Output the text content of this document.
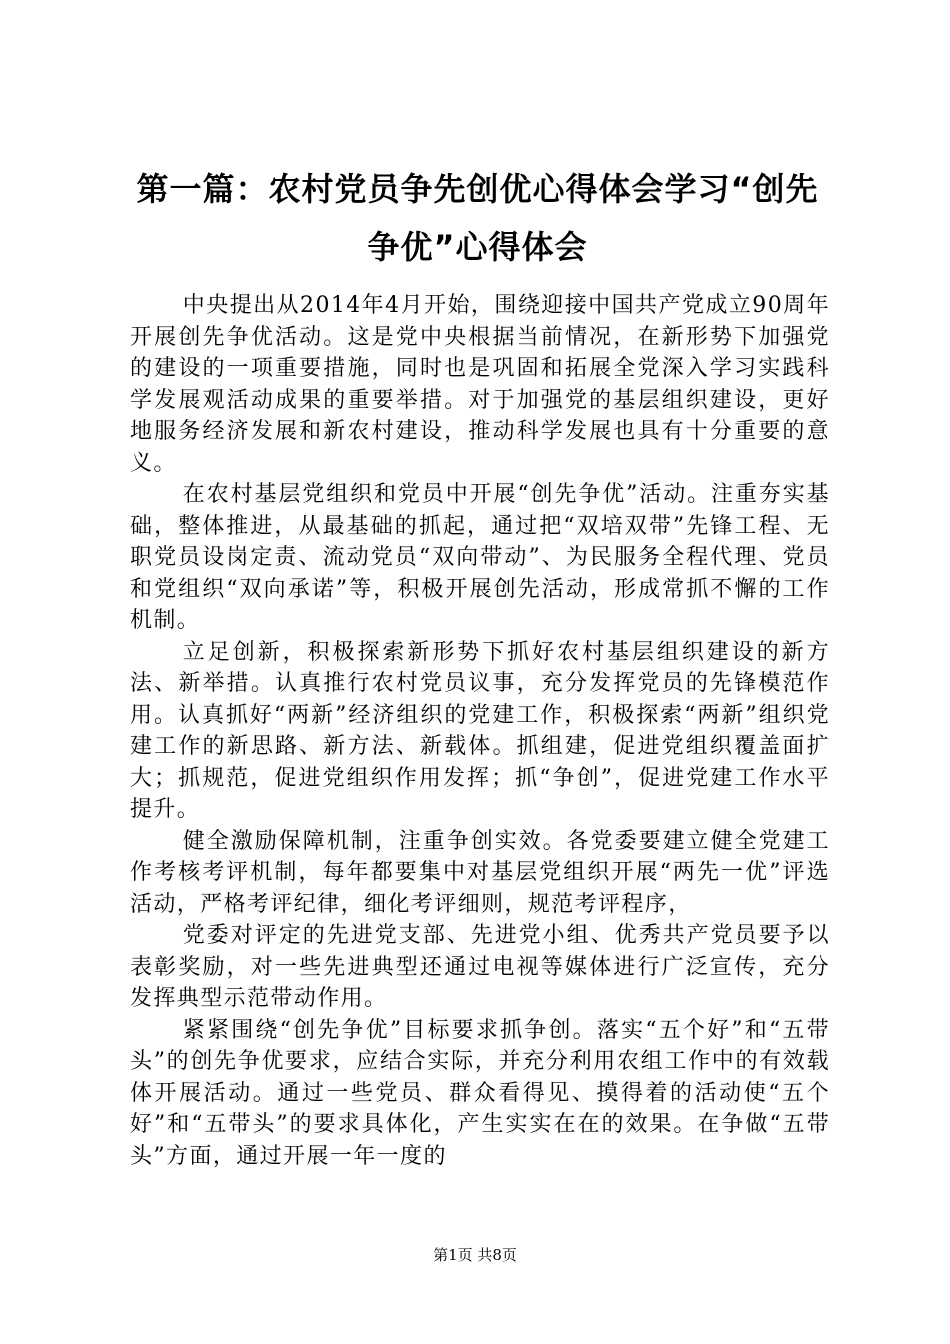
第一篇：农村党员争先创优心得体会学习“创先争优”心得体会

中央提出从2014年4月开始，围绕迎接中国共产党成立90周年开展创先争优活动。这是党中央根据当前情况，在新形势下加强党的建设的一项重要措施，同时也是巩固和拓展全党深入学习实践科学发展观活动成果的重要举措。对于加强党的基层组织建设，更好地服务经济发展和新农村建设，推动科学发展也具有十分重要的意义。

在农村基层党组织和党员中开展“创先争优”活动。注重夯实基础，整体推进，从最基础的抓起，通过把“双培双带”先锋工程、无职党员设岗定责、流动党员“双向带动”、为民服务全程代理、党员和党组织“双向承诺”等，积极开展创先活动，形成常抓不懈的工作机制。

立足创新，积极探索新形势下抓好农村基层组织建设的新方法、新举措。认真推行农村党员议事，充分发挥党员的先锋模范作用。认真抓好“两新”经济组织的党建工作，积极探索“两新”组织党建工作的新思路、新方法、新载体。抓组建，促进党组织覆盖面扩大；抓规范，促进党组织作用发挥；抓“争创”，促进党建工作水平提升。

健全激励保障机制，注重争创实效。各党委要建立健全党建工作考核考评机制，每年都要集中对基层党组织开展“两先一优”评选活动，严格考评纪律，细化考评细则，规范考评程序，

党委对评定的先进党支部、先进党小组、优秀共产党员要予以表彰奖励，对一些先进典型还通过电视等媒体进行广泛宣传，充分发挥典型示范带动作用。

紧紧围绕“创先争优”目标要求抓争创。落实“五个好”和“五带头”的创先争优要求，应结合实际，并充分利用农组工作中的有效载体开展活动。通过一些党员、群众看得见、摸得着的活动使“五个好”和“五带头”的要求具体化，产生实实在在的效果。在争做“五带头”方面，通过开展一年一度的

第1页 共8页
